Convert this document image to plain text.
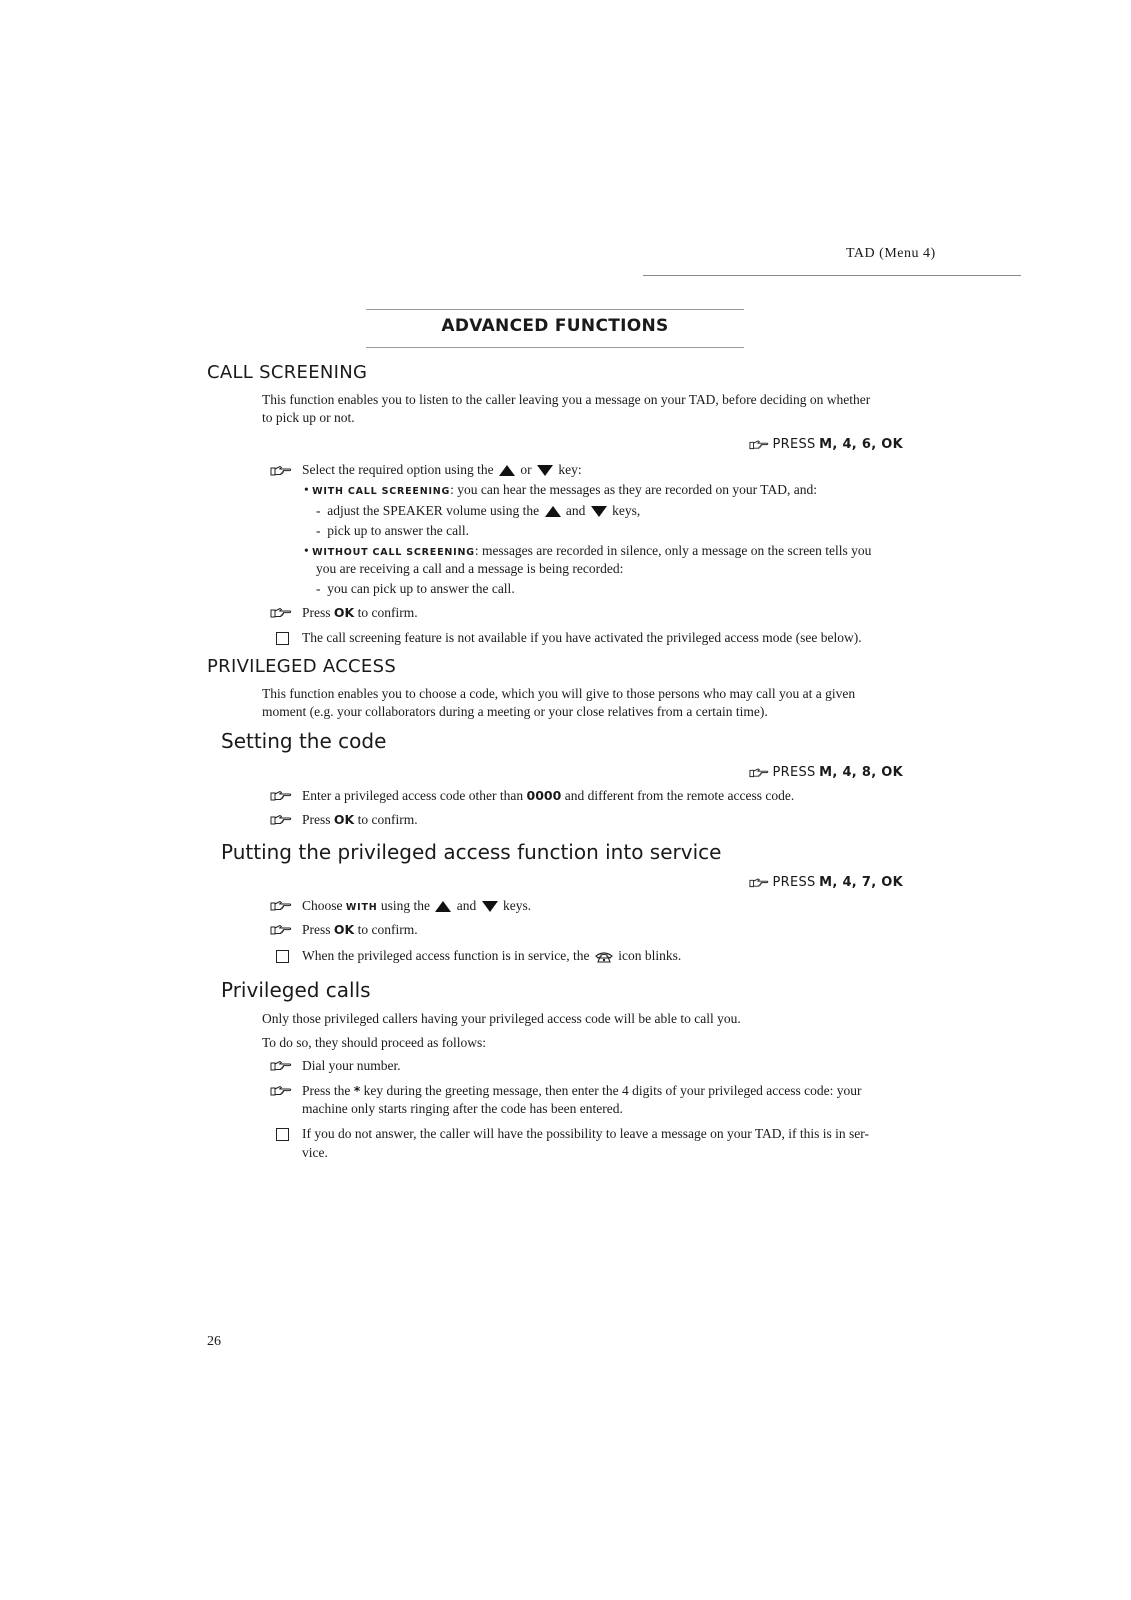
TAD (Menu 4)
ADVANCED FUNCTIONS
CALL SCREENING
This function enables you to listen to the caller leaving you a message on your TAD, before deciding on whether
to pick up or not.
PRESS M, 4, 6, OK
Select the required option using the or key:
• WITH CALL SCREENING: you can hear the messages as they are recorded on your TAD, and:
- adjust the SPEAKER volume using the and keys,
- pick up to answer the call.
• WITHOUT CALL SCREENING: messages are recorded in silence, only a message on the screen tells you
you are receiving a call and a message is being recorded:
- you can pick up to answer the call.
Press OK to confirm.
The call screening feature is not available if you have activated the privileged access mode (see below).
PRIVILEGED ACCESS
This function enables you to choose a code, which you will give to those persons who may call you at a given
moment (e.g. your collaborators during a meeting or your close relatives from a certain time).
Setting the code
PRESS M, 4, 8, OK
Enter a privileged access code other than 0000 and different from the remote access code.
Press OK to confirm.
Putting the privileged access function into service
PRESS M, 4, 7, OK
Choose WITH using the and keys.
Press OK to confirm.
When the privileged access function is in service, the icon blinks.
Privileged calls
Only those privileged callers having your privileged access code will be able to call you.
To do so, they should proceed as follows:
Dial your number.
Press the * key during the greeting message, then enter the 4 digits of your privileged access code: your
machine only starts ringing after the code has been entered.
If you do not answer, the caller will have the possibility to leave a message on your TAD, if this is in ser-
vice.
26
